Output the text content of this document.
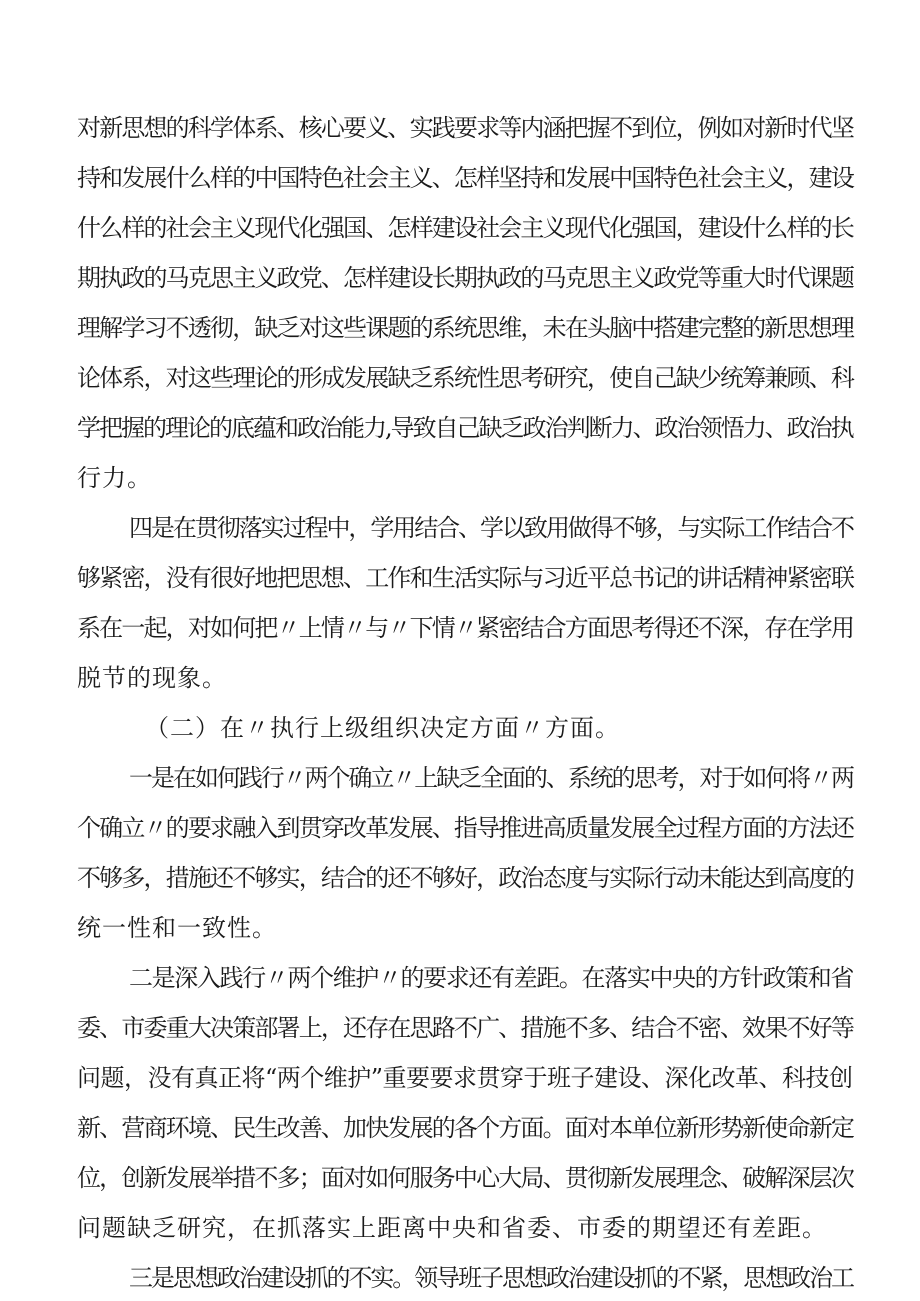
对新思想的科学体系、核心要义、实践要求等内涵把握不到位，例如对新时代坚
持和发展什么样的中国特色社会主义、怎样坚持和发展中国特色社会主义，建设
什么样的社会主义现代化强国、怎样建设社会主义现代化强国，建设什么样的长
期执政的马克思主义政党、怎样建设长期执政的马克思主义政党等重大时代课题
理解学习不透彻，缺乏对这些课题的系统思维，未在头脑中搭建完整的新思想理
论体系，对这些理论的形成发展缺乏系统性思考研究，使自己缺少统筹兼顾、科
学把握的理论的底蕴和政治能力,导致自己缺乏政治判断力、政治领悟力、政治执
行力。
四是在贯彻落实过程中，学用结合、学以致用做得不够，与实际工作结合不
够紧密，没有很好地把思想、工作和生活实际与习近平总书记的讲话精神紧密联
系在一起，对如何把〃上情〃与〃下情〃紧密结合方面思考得还不深，存在学用
脱节的现象。
（二）在〃执行上级组织决定方面〃方面。
一是在如何践行〃两个确立〃上缺乏全面的、系统的思考，对于如何将〃两
个确立〃的要求融入到贯穿改革发展、指导推进高质量发展全过程方面的方法还
不够多，措施还不够实，结合的还不够好，政治态度与实际行动未能达到高度的
统一性和一致性。
二是深入践行〃两个维护〃的要求还有差距。在落实中央的方针政策和省
委、市委重大决策部署上，还存在思路不广、措施不多、结合不密、效果不好等
问题，没有真正将“两个维护”重要要求贯穿于班子建设、深化改革、科技创
新、营商环境、民生改善、加快发展的各个方面。面对本单位新形势新使命新定
位，创新发展举措不多；面对如何服务中心大局、贯彻新发展理念、破解深层次
问题缺乏研究，在抓落实上距离中央和省委、市委的期望还有差距。
三是思想政治建设抓的不实。领导班子思想政治建设抓的不紧，思想政治工
